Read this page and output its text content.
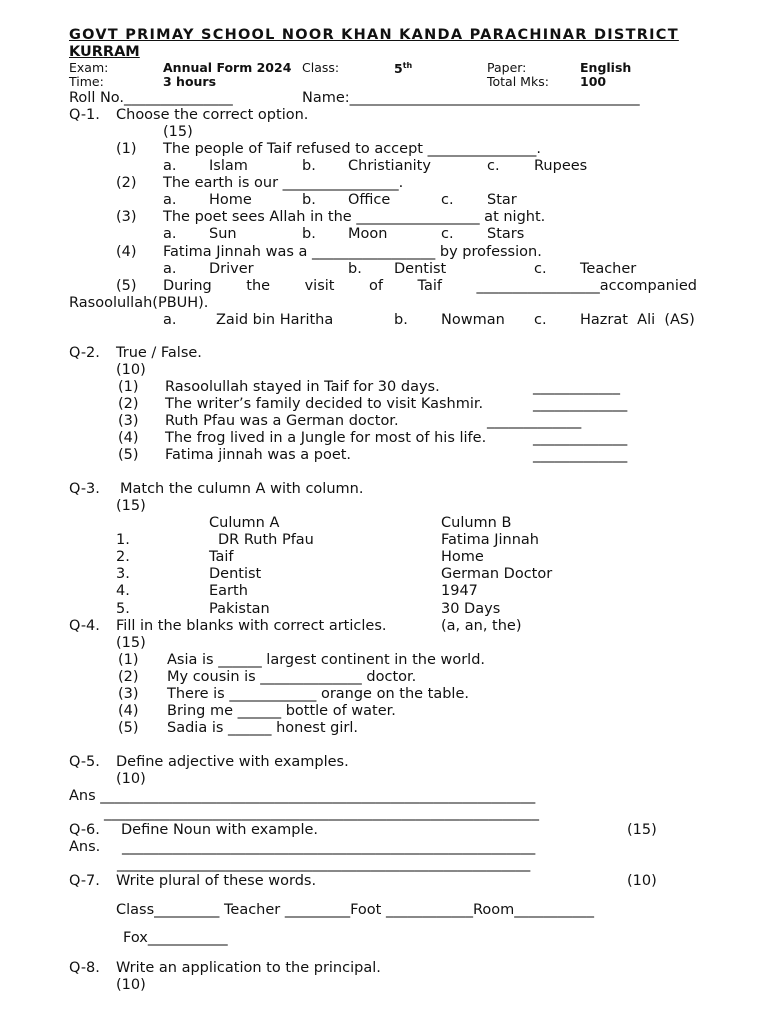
GOVT PRIMAY SCHOOL NOOR KHAN KANDA PARACHINAR DISTRICT
KURRAM
Exam:	Annual Form 2024 Class:	5th	Paper:	English
Time:	3 hours	Total Mks: 100
Roll No._______________	Name:________________________________________
Q-1. Choose the correct option.
(15)
(1) The people of Taif refused to accept _______________.
a. Islam	b. Christianity	c. Rupees
(2) The earth is our ________________.
a. Home	b. Office	c. Star
(3) The poet sees Allah in the _________________ at night.
a. Sun	b. Moon	c. Stars
(4) Fatima Jinnah was a _________________ by profession.
a. Driver	b. Dentist	c. Teacher
(5) During the visit of Taif _________________accompanied
Rasoolullah(PBUH).
a.	Zaid bin Haritha	b. Nowman c. Hazrat  Ali  (AS)
Q-2. True / False.
(10)
(1) Rasoolullah stayed in Taif for 30 days.	____________
(2) The writer’s family decided to visit Kashmir.	_____________
(3) Ruth Pfau was a German doctor.	_____________
(4) The frog lived in a Jungle for most of his life.	_____________
(5) Fatima jinnah was a poet.	_____________
Q-3. Match the culumn A with column.
(15)
Culumn A	Culumn B
1.	DR Ruth Pfau	Fatima Jinnah
2.	Taif	Home
3.	Dentist	German Doctor
4.	Earth	1947
5.	Pakistan	30 Days
Q-4. Fill in the blanks with correct articles.	(a, an, the)
(15)
(1) Asia is ______ largest continent in the world.
(2) My cousin is ______________ doctor.
(3) There is ____________ orange on the table.
(4) Bring me ______ bottle of water.
(5) Sadia is ______ honest girl.
Q-5. Define adjective with examples.
(10)
Ans ____________________________________________________________
____________________________________________________________
Q-6. Define Noun with example.	(15)
Ans. _________________________________________________________
_________________________________________________________
Q-7. Write plural of these words.	(10)
Class_________ Teacher _________Foot ____________Room___________
Fox___________
Q-8. Write an application to the principal.
(10)
